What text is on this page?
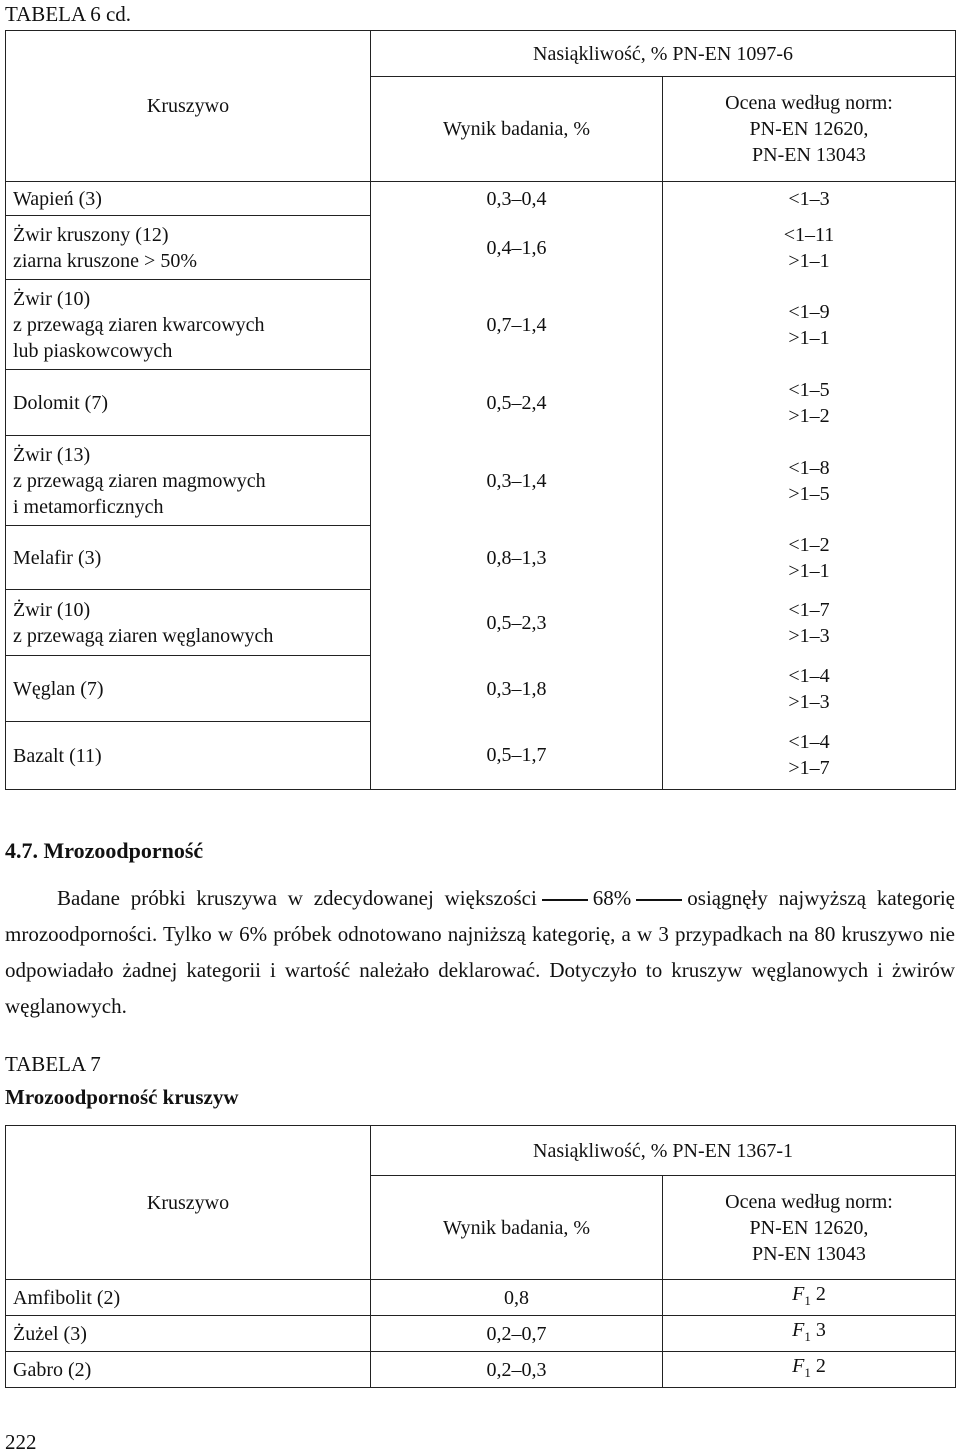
TABELA 6 cd.
Kruszywo	Nasiąkliwość, % PN-EN 1097-6	
	Wynik badania, %	Ocena według norm:
PN-EN 12620,
PN-EN 13043
Wapień (3)	0,3–0,4	<1–3
Żwir kruszony (12)
ziarna kruszone > 50%	0,4–1,6	<1–11
>1–1
Żwir (10)
z przewagą ziaren kwarcowych
lub piaskowcowych	0,7–1,4	<1–9
>1–1
Dolomit (7)	0,5–2,4	<1–5
>1–2
Żwir (13)
z przewagą ziaren magmowych
i metamorficznych	0,3–1,4	<1–8
>1–5
Melafir (3)	0,8–1,3	<1–2
>1–1
Żwir (10)
z przewagą ziaren węglanowych	0,5–2,3	<1–7
>1–3
Węglan (7)	0,3–1,8	<1–4
>1–3
Bazalt (11)	0,5–1,7	<1–4
>1–7
4.7. Mrozoodporność
Badane próbki kruszywa w zdecydowanej większości	68%	osiągnęły najwyższą kategorię mrozoodporności. Tylko w 6% próbek odnotowano najniższą kategorię, a w 3 przypadkach na 80 kruszywo nie odpowiadało żadnej kategorii i wartość należało deklarować. Dotyczyło to kruszyw węglanowych i żwirów węglanowych.
TABELA 7
Mrozoodporność kruszyw
Kruszywo	Nasiąkliwość, % PN-EN 1367-1	
	Wynik badania, %	Ocena według norm:
PN-EN 12620,
PN-EN 13043
Amfibolit (2)	0,8	$F_1$ 2
Żużel (3)	0,2–0,7	$F_1$ 3
Gabro (2)	0,2–0,3	$F_1$ 2
222
